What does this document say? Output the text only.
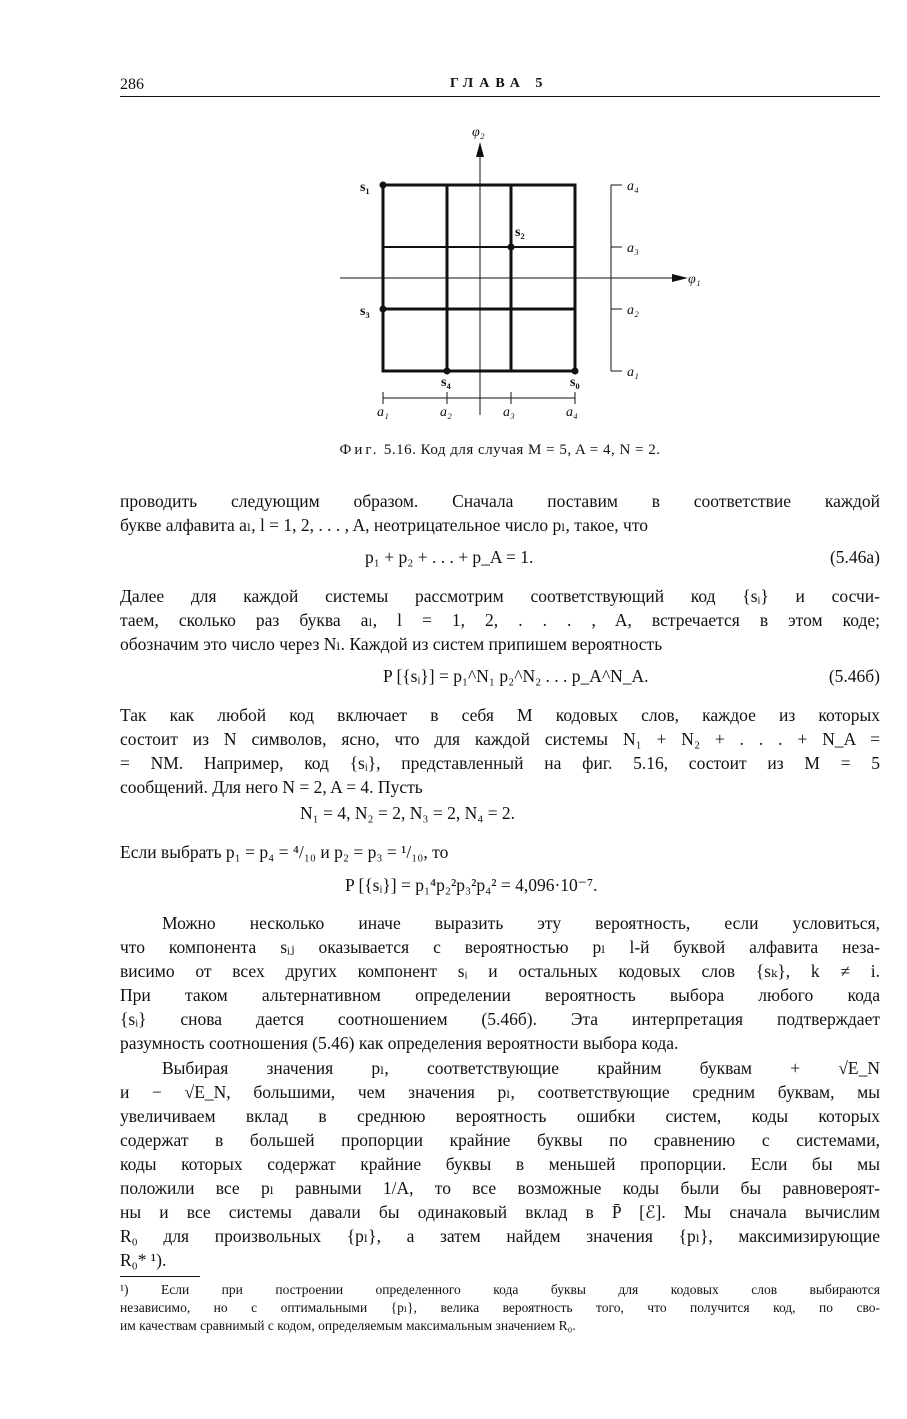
286	ГЛАВА 5
φ₂
φ₁
s₁
s₂
s₃
s₄	s₀
a₄
a₃
a₂
a₁
a₁	a₂	a₃	a₄
Фиг. 5.16. Код для случая M = 5, A = 4, N = 2.
проводить следующим образом. Сначала поставим в соответствие каждой
букве алфавита aₗ, l = 1, 2, . . . , A, неотрицательное число pₗ, такое, что
p₁ + p₂ + . . . + p_A = 1.	(5.46а)
Далее для каждой системы рассмотрим соответствующий код {sᵢ} и сосчи-
таем, сколько раз буква aₗ, l = 1, 2, . . . , A, встречается в этом коде;
обозначим это число через Nₗ. Каждой из систем припишем вероятность
P [{sᵢ}] = p₁^N₁ p₂^N₂ . . . p_A^N_A.	(5.46б)
Так как любой код включает в себя M кодовых слов, каждое из которых
состоит из N символов, ясно, что для каждой системы N₁ + N₂ + . . . + N_A =
= NM. Например, код {sᵢ}, представленный на фиг. 5.16, состоит из M = 5
сообщений. Для него N = 2, A = 4. Пусть
N₁ = 4, N₂ = 2, N₃ = 2, N₄ = 2.
Если выбрать p₁ = p₄ = ⁴/₁₀ и p₂ = p₃ = ¹/₁₀, то
P [{sᵢ}] = p₁⁴p₂²p₃²p₄² = 4,096·10⁻⁷.
Можно несколько иначе выразить эту вероятность, если условиться,
что компонента sᵢⱼ оказывается с вероятностью pₗ l-й буквой алфавита неза-
висимо от всех других компонент sᵢ и остальных кодовых слов {sₖ}, k ≠ i.
При таком альтернативном определении вероятность выбора любого кода
{sᵢ} снова дается соотношением (5.46б). Эта интерпретация подтверждает
разумность соотношения (5.46) как определения вероятности выбора кода.
Выбирая значения pₗ, соответствующие крайним буквам + √E_N
и − √E_N, большими, чем значения pₗ, соответствующие средним буквам, мы
увеличиваем вклад в среднюю вероятность ошибки систем, коды которых
содержат в большей пропорции крайние буквы по сравнению с системами,
коды которых содержат крайние буквы в меньшей пропорции. Если бы мы
положили все pₗ равными 1/A, то все возможные коды были бы равновероят-
ны и все системы давали бы одинаковый вклад в P̄ [ℰ]. Мы сначала вычислим
R₀ для произвольных {pₗ}, а затем найдем значения {pₗ}, максимизирующие
R₀* ¹).
¹) Если при построении определенного кода буквы для кодовых слов выбираются
независимо, но с оптимальными {pₗ}, велика вероятность того, что получится код, по сво-
им качествам сравнимый с кодом, определяемым максимальным значением R₀.
